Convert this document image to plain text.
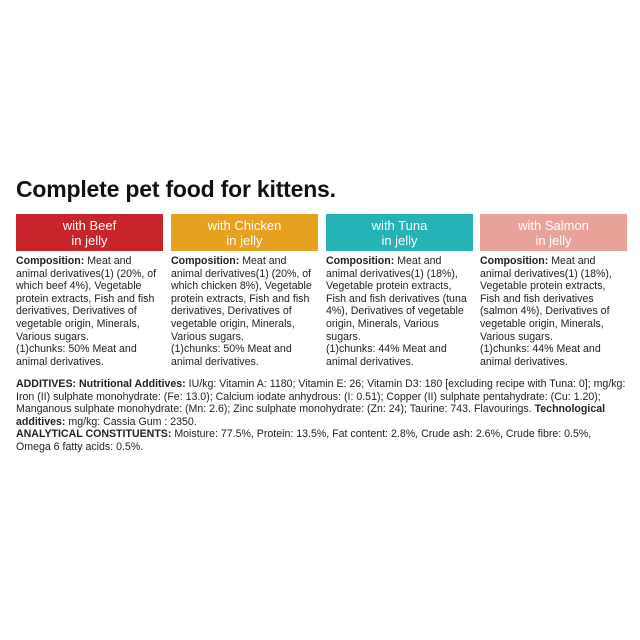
Complete pet food for kittens.
with Beef
in jelly
Composition: Meat and animal derivatives(1) (20%, of which beef 4%), Vegetable protein extracts, Fish and fish derivatives, Derivatives of vegetable origin, Minerals, Various sugars.
(1)chunks: 50% Meat and animal derivatives.
with Chicken
in jelly
Composition: Meat and animal derivatives(1) (20%, of which chicken 8%), Vegetable protein extracts, Fish and fish derivatives, Derivatives of vegetable origin, Minerals, Various sugars.
(1)chunks: 50% Meat and animal derivatives.
with Tuna
in jelly
Composition: Meat and animal derivatives(1) (18%), Vegetable protein extracts, Fish and fish derivatives (tuna 4%), Derivatives of vegetable origin, Minerals, Various sugars.
(1)chunks: 44% Meat and animal derivatives.
with Salmon
in jelly
Composition: Meat and animal derivatives(1) (18%), Vegetable protein extracts, Fish and fish derivatives (salmon 4%), Derivatives of vegetable origin, Minerals, Various sugars.
(1)chunks: 44% Meat and animal derivatives.
ADDITIVES: Nutritional Additives: IU/kg: Vitamin A: 1180; Vitamin E: 26; Vitamin D3: 180 [excluding recipe with Tuna: 0]; mg/kg: Iron (II) sulphate monohydrate: (Fe: 13.0); Calcium iodate anhydrous: (I: 0.51); Copper (II) sulphate pentahydrate: (Cu: 1.20); Manganous sulphate monohydrate: (Mn: 2.6); Zinc sulphate monohydrate: (Zn: 24); Taurine: 743. Flavourings. Technological additives: mg/kg: Cassia Gum : 2350.
ANALYTICAL CONSTITUENTS: Moisture: 77.5%, Protein: 13.5%, Fat content: 2.8%, Crude ash: 2.6%, Crude fibre: 0.5%, Omega 6 fatty acids: 0.5%.
